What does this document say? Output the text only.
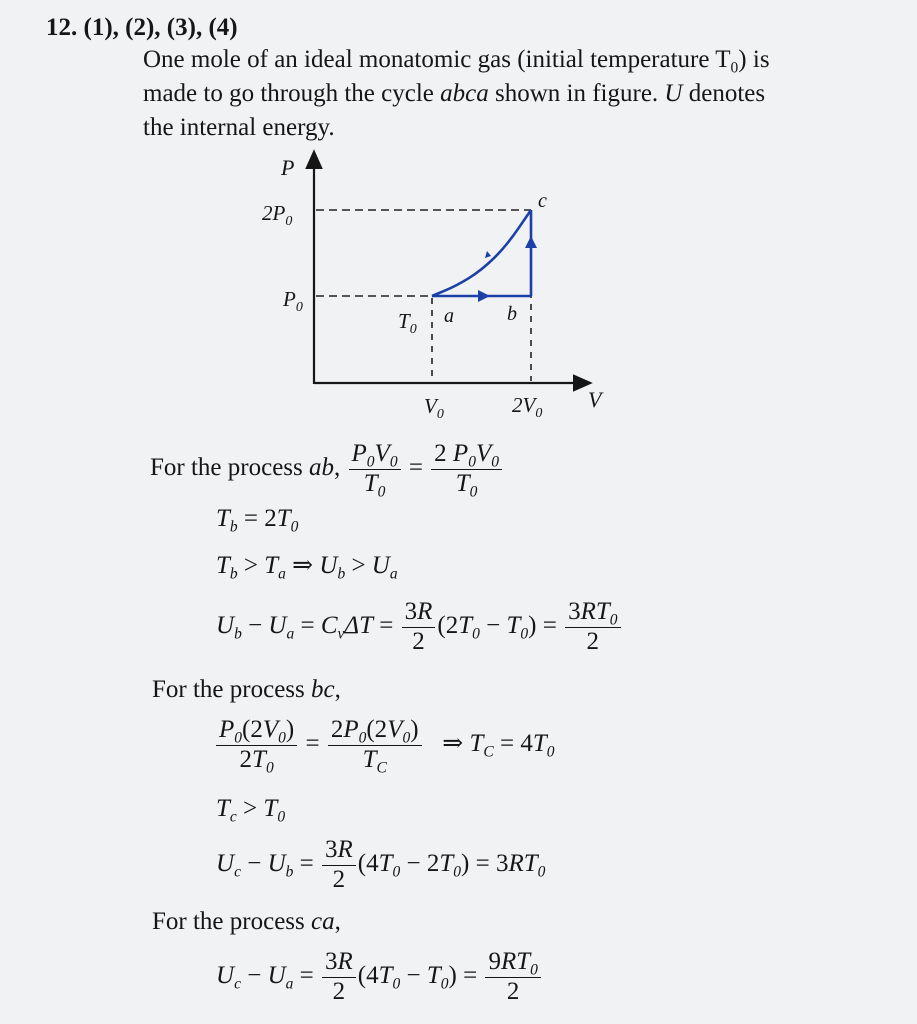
12. (1), (2), (3), (4)
One mole of an ideal monatomic gas (initial temperature $T_0$) is
made to go through the cycle abca shown in figure. U denotes
the internal energy.
P
V
$2P_0$
$P_0$
$V_0$	$2V_0$
a	b
c
$T_0$
For the process ab, $\frac{P_0V_0}{T_0} = \frac{2 P_0V_0}{T_0}$
$T_b = 2T_0$
$T_b > T_a$ ⇒ $U_b > U_a$
$U_b - U_a = C_v\Delta T = \frac{3R}{2} (2T_0 - T_0) = \frac{3RT_0}{2}$
For the process bc,
$\frac{P_0(2V_0)}{2T_0} = \frac{2P_0(2V_0)}{T_C}$ ⇒ $T_C = 4T_0$
$T_c > T_0$
$U_c - U_b = \frac{3R}{2} (4T_0 - 2T_0) = 3RT_0$
For the process ca,
$U_c - U_a = \frac{3R}{2} (4T_0 - T_0) = \frac{9RT_0}{2}$
